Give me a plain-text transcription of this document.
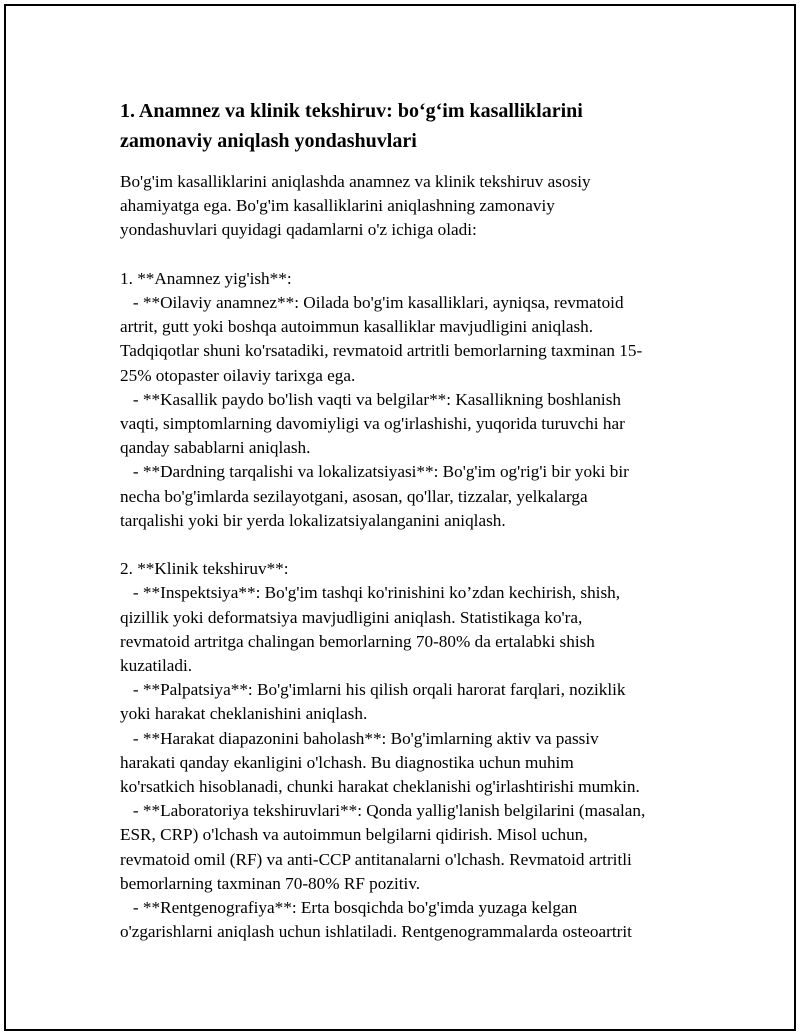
1. Anamnez va klinik tekshiruv: bo‘g‘im kasalliklarini
zamonaviy aniqlash yondashuvlari
Bo'g'im kasalliklarini aniqlashda anamnez va klinik tekshiruv asosiy
ahamiyatga ega. Bo'g'im kasalliklarini aniqlashning zamonaviy
yondashuvlari quyidagi qadamlarni o'z ichiga oladi:
1. **Anamnez yig'ish**:
- **Oilaviy anamnez**: Oilada bo'g'im kasalliklari, ayniqsa, revmatoid
artrit, gutt yoki boshqa autoimmun kasalliklar mavjudligini aniqlash.
Tadqiqotlar shuni ko'rsatadiki, revmatoid artritli bemorlarning taxminan 15-
25% otopaster oilaviy tarixga ega.
- **Kasallik paydo bo'lish vaqti va belgilar**: Kasallikning boshlanish
vaqti, simptomlarning davomiyligi va og'irlashishi, yuqorida turuvchi har
qanday sabablarni aniqlash.
- **Dardning tarqalishi va lokalizatsiyasi**: Bo'g'im og'rig'i bir yoki bir
necha bo'g'imlarda sezilayotgani, asosan, qo'llar, tizzalar, yelkalarga
tarqalishi yoki bir yerda lokalizatsiyalanganini aniqlash.
2. **Klinik tekshiruv**:
- **Inspektsiya**: Bo'g'im tashqi ko'rinishini ko’zdan kechirish, shish,
qizillik yoki deformatsiya mavjudligini aniqlash. Statistikaga ko'ra,
revmatoid artritga chalingan bemorlarning 70-80% da ertalabki shish
kuzatiladi.
- **Palpatsiya**: Bo'g'imlarni his qilish orqali harorat farqlari, noziklik
yoki harakat cheklanishini aniqlash.
- **Harakat diapazonini baholash**: Bo'g'imlarning aktiv va passiv
harakati qanday ekanligini o'lchash. Bu diagnostika uchun muhim
ko'rsatkich hisoblanadi, chunki harakat cheklanishi og'irlashtirishi mumkin.
- **Laboratoriya tekshiruvlari**: Qonda yallig'lanish belgilarini (masalan,
ESR, CRP) o'lchash va autoimmun belgilarni qidirish. Misol uchun,
revmatoid omil (RF) va anti-CCP antitanalarni o'lchash. Revmatoid artritli
bemorlarning taxminan 70-80% RF pozitiv.
- **Rentgenografiya**: Erta bosqichda bo'g'imda yuzaga kelgan
o'zgarishlarni aniqlash uchun ishlatiladi. Rentgenogrammalarda osteoartrit
